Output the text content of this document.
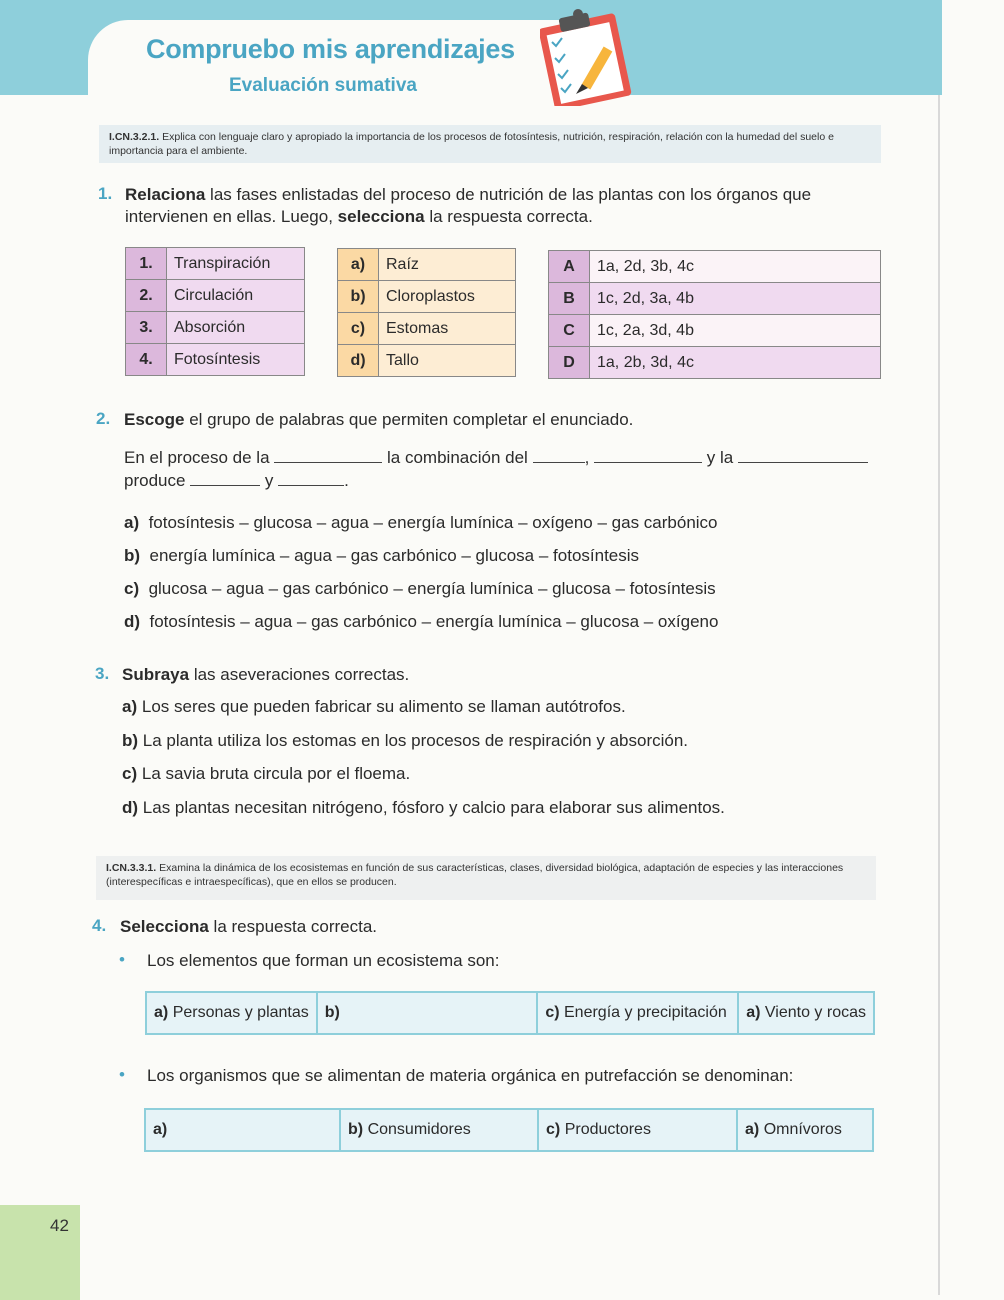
Compruebo mis aprendizajes
Evaluación sumativa
I.CN.3.2.1. Explica con lenguaje claro y apropiado la importancia de los procesos de fotosíntesis, nutrición, respiración, relación con la humedad del suelo e importancia para el ambiente.
1. Relaciona las fases enlistadas del proceso de nutrición de las plantas con los órganos que intervienen en ellas. Luego, selecciona la respuesta correcta.
1.	Transpiración
2.	Circulación
3.	Absorción
4.	Fotosíntesis
a)	Raíz
b)	Cloroplastos
c)	Estomas
d)	Tallo
A	1a, 2d, 3b, 4c
B	1c, 2d, 3a, 4b
C	1c, 2a, 3d, 4b
D	1a, 2b, 3d, 4c
2. Escoge el grupo de palabras que permiten completar el enunciado.
En el proceso de la	la combinación del	,	y la
produce	y	.
a) fotosíntesis – glucosa – agua – energía lumínica – oxígeno – gas carbónico
b) energía lumínica – agua – gas carbónico – glucosa – fotosíntesis
c) glucosa – agua – gas carbónico – energía lumínica – glucosa – fotosíntesis
d) fotosíntesis – agua – gas carbónico – energía lumínica – glucosa – oxígeno
3. Subraya las aseveraciones correctas.
a) Los seres que pueden fabricar su alimento se llaman autótrofos.
b) La planta utiliza los estomas en los procesos de respiración y absorción.
c) La savia bruta circula por el floema.
d) Las plantas necesitan nitrógeno, fósforo y calcio para elaborar sus alimentos.
I.CN.3.3.1. Examina la dinámica de los ecosistemas en función de sus características, clases, diversidad biológica, adaptación de especies y las interacciones (interespecíficas e intraespecíficas), que en ellos se producen.
4. Selecciona la respuesta correcta.
• Los elementos que forman un ecosistema son:
a) Personas y plantas	b)	c) Energía y precipitación	a) Viento y rocas
• Los organismos que se alimentan de materia orgánica en putrefacción se denominan:
a)	b) Consumidores	c) Productores	a) Omnívoros
42
